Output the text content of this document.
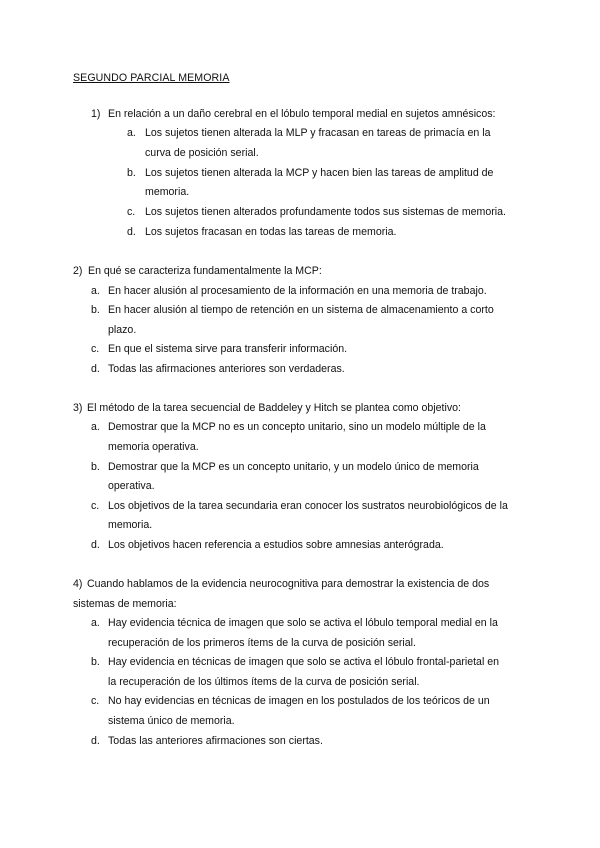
SEGUNDO PARCIAL MEMORIA
1) En relación a un daño cerebral en el lóbulo temporal medial en sujetos amnésicos:
a. Los sujetos tienen alterada la MLP y fracasan en tareas de primacía en la
curva de posición serial.
b. Los sujetos tienen alterada la MCP y hacen bien las tareas de amplitud de
memoria.
c. Los sujetos tienen alterados profundamente todos sus sistemas de memoria.
d. Los sujetos fracasan en todas las tareas de memoria.
2) En qué se caracteriza fundamentalmente la MCP:
a. En hacer alusión al procesamiento de la información en una memoria de trabajo.
b. En hacer alusión al tiempo de retención en un sistema de almacenamiento a corto
plazo.
c. En que el sistema sirve para transferir información.
d. Todas las afirmaciones anteriores son verdaderas.
3) El método de la tarea secuencial de Baddeley y Hitch se plantea como objetivo:
a. Demostrar que la MCP no es un concepto unitario, sino un modelo múltiple de la
memoria operativa.
b. Demostrar que la MCP es un concepto unitario, y un modelo único de memoria
operativa.
c. Los objetivos de la tarea secundaria eran conocer los sustratos neurobiológicos de la
memoria.
d. Los objetivos hacen referencia a estudios sobre amnesias anterógrada.
4) Cuando hablamos de la evidencia neurocognitiva para demostrar la existencia de dos
sistemas de memoria:
a. Hay evidencia técnica de imagen que solo se activa el lóbulo temporal medial en la
recuperación de los primeros ítems de la curva de posición serial.
b. Hay evidencia en técnicas de imagen que solo se activa el lóbulo frontal-parietal en
la recuperación de los últimos ítems de la curva de posición serial.
c. No hay evidencias en técnicas de imagen en los postulados de los teóricos de un
sistema único de memoria.
d. Todas las anteriores afirmaciones son ciertas.
